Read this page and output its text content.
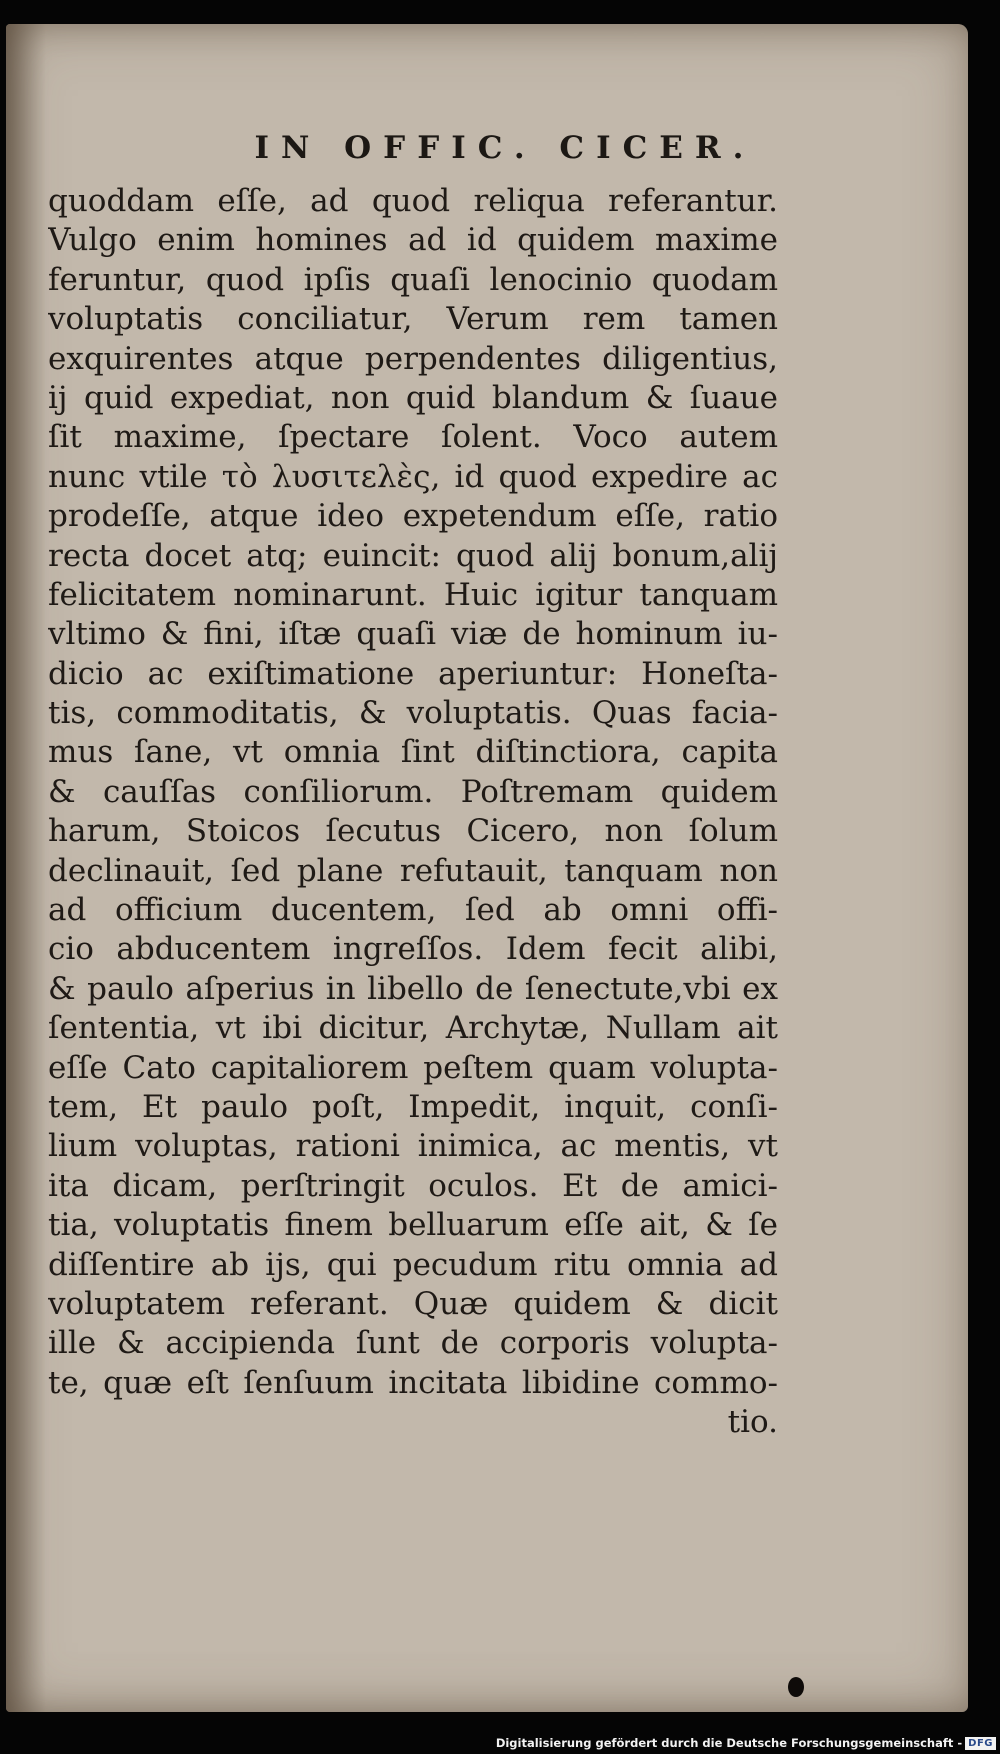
IN OFFIC. CICER.
quoddam eſſe, ad quod reliqua referantur.
Vulgo enim homines ad id quidem maxime
feruntur, quod ipſis quaſi lenocinio quodam
voluptatis conciliatur, Verum rem tamen
exquirentes atque perpendentes diligentius,
ij quid expediat, non quid blandum & ſuaue
ſit maxime, ſpectare ſolent. Voco autem
nunc vtile τὸ λυσιτελὲς, id quod expedire ac
prodeſſe, atque ideo expetendum eſſe, ratio
recta docet atq; euincit: quod alij bonum,alij
felicitatem nominarunt. Huic igitur tanquam
vltimo & fini, iſtæ quaſi viæ de hominum iu-
dicio ac exiſtimatione aperiuntur: Honeſta-
tis, commoditatis, & voluptatis. Quas facia-
mus ſane, vt omnia ſint diſtinctiora, capita
& cauſſas conſiliorum. Poſtremam quidem
harum, Stoicos ſecutus Cicero, non ſolum
declinauit, ſed plane refutauit, tanquam non
ad officium ducentem, ſed ab omni offi-
cio abducentem ingreſſos. Idem fecit alibi,
& paulo aſperius in libello de ſenectute,vbi ex
ſententia, vt ibi dicitur, Archytæ, Nullam ait
eſſe Cato capitaliorem peſtem quam volupta-
tem, Et paulo poſt, Impedit, inquit, conſi-
lium voluptas, rationi inimica, ac mentis, vt
ita dicam, perſtringit oculos. Et de amici-
tia, voluptatis finem belluarum eſſe ait, & ſe
diſſentire ab ijs, qui pecudum ritu omnia ad
voluptatem referant. Quæ quidem & dicit
ille & accipienda ſunt de corporis volupta-
te, quæ eſt ſenſuum incitata libidine commo-
tio.
Digitalisierung gefördert durch die Deutsche Forschungsgemeinschaft - DFG
